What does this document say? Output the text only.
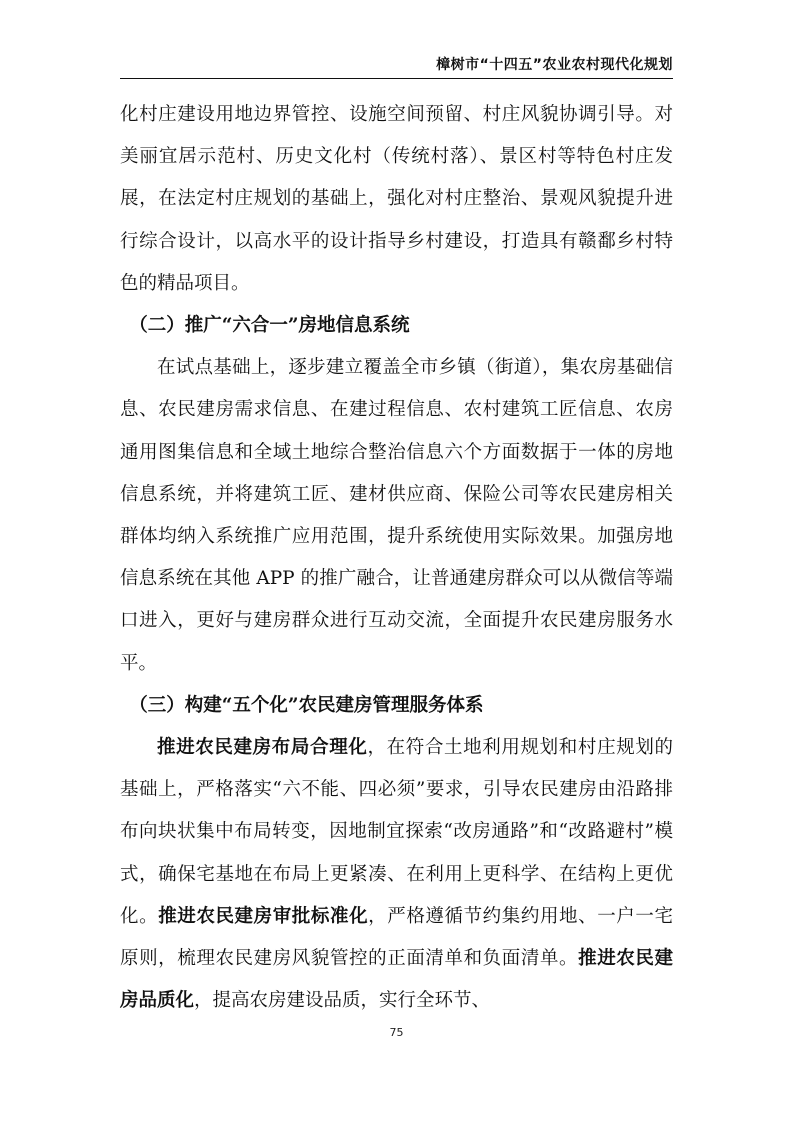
樟树市“十四五”农业农村现代化规划

化村庄建设用地边界管控、设施空间预留、村庄风貌协调引导。对美丽宜居示范村、历史文化村（传统村落）、景区村等特色村庄发展，在法定村庄规划的基础上，强化对村庄整治、景观风貌提升进行综合设计，以高水平的设计指导乡村建设，打造具有赣鄱乡村特色的精品项目。

（二）推广“六合一”房地信息系统

在试点基础上，逐步建立覆盖全市乡镇（街道），集农房基础信息、农民建房需求信息、在建过程信息、农村建筑工匠信息、农房通用图集信息和全域土地综合整治信息六个方面数据于一体的房地信息系统，并将建筑工匠、建材供应商、保险公司等农民建房相关群体均纳入系统推广应用范围，提升系统使用实际效果。加强房地信息系统在其他 APP 的推广融合，让普通建房群众可以从微信等端口进入，更好与建房群众进行互动交流，全面提升农民建房服务水平。

（三）构建“五个化”农民建房管理服务体系

推进农民建房布局合理化，在符合土地利用规划和村庄规划的基础上，严格落实“六不能、四必须”要求，引导农民建房由沿路排布向块状集中布局转变，因地制宜探索“改房通路”和“改路避村”模式，确保宅基地在布局上更紧凑、在利用上更科学、在结构上更优化。推进农民建房审批标准化，严格遵循节约集约用地、一户一宅原则，梳理农民建房风貌管控的正面清单和负面清单。推进农民建房品质化，提高农房建设品质，实行全环节、

75
